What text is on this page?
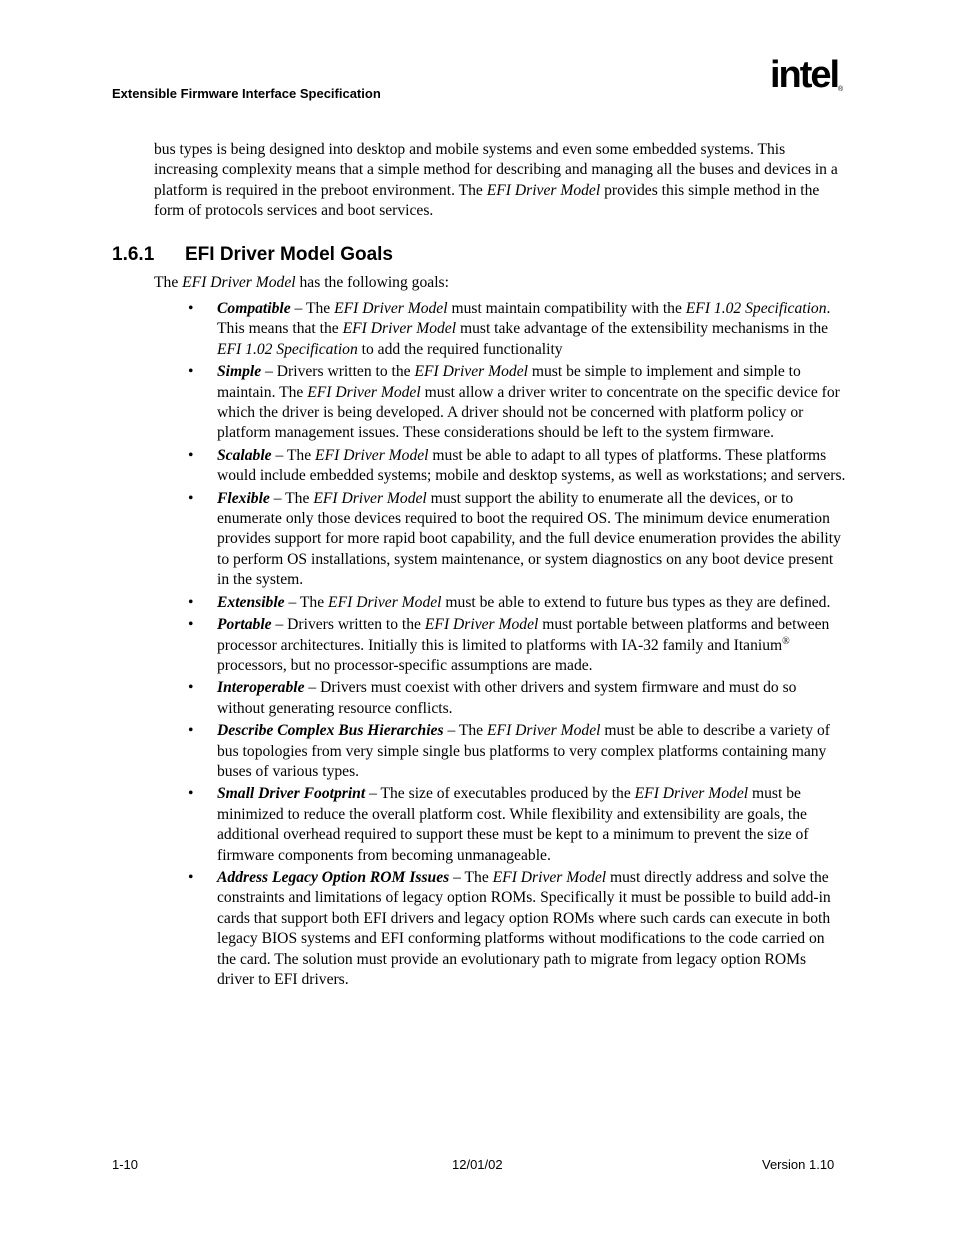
Extensible Firmware Interface Specification	intel ®

bus types is being designed into desktop and mobile systems and even some embedded systems. This increasing complexity means that a simple method for describing and managing all the buses and devices in a platform is required in the preboot environment. The EFI Driver Model provides this simple method in the form of protocols services and boot services.

1.6.1 EFI Driver Model Goals

The EFI Driver Model has the following goals:

• Compatible – The EFI Driver Model must maintain compatibility with the EFI 1.02 Specification. This means that the EFI Driver Model must take advantage of the extensibility mechanisms in the EFI 1.02 Specification to add the required functionality
• Simple – Drivers written to the EFI Driver Model must be simple to implement and simple to maintain. The EFI Driver Model must allow a driver writer to concentrate on the specific device for which the driver is being developed. A driver should not be concerned with platform policy or platform management issues. These considerations should be left to the system firmware.
• Scalable – The EFI Driver Model must be able to adapt to all types of platforms. These platforms would include embedded systems; mobile and desktop systems, as well as workstations; and servers.
• Flexible – The EFI Driver Model must support the ability to enumerate all the devices, or to enumerate only those devices required to boot the required OS. The minimum device enumeration provides support for more rapid boot capability, and the full device enumeration provides the ability to perform OS installations, system maintenance, or system diagnostics on any boot device present in the system.
• Extensible – The EFI Driver Model must be able to extend to future bus types as they are defined.
• Portable – Drivers written to the EFI Driver Model must portable between platforms and between processor architectures. Initially this is limited to platforms with IA-32 family and Itanium® processors, but no processor-specific assumptions are made.
• Interoperable – Drivers must coexist with other drivers and system firmware and must do so without generating resource conflicts.
• Describe Complex Bus Hierarchies – The EFI Driver Model must be able to describe a variety of bus topologies from very simple single bus platforms to very complex platforms containing many buses of various types.
• Small Driver Footprint – The size of executables produced by the EFI Driver Model must be minimized to reduce the overall platform cost. While flexibility and extensibility are goals, the additional overhead required to support these must be kept to a minimum to prevent the size of firmware components from becoming unmanageable.
• Address Legacy Option ROM Issues – The EFI Driver Model must directly address and solve the constraints and limitations of legacy option ROMs. Specifically it must be possible to build add-in cards that support both EFI drivers and legacy option ROMs where such cards can execute in both legacy BIOS systems and EFI conforming platforms without modifications to the code carried on the card. The solution must provide an evolutionary path to migrate from legacy option ROMs driver to EFI drivers.
1-10	12/01/02	Version 1.10
